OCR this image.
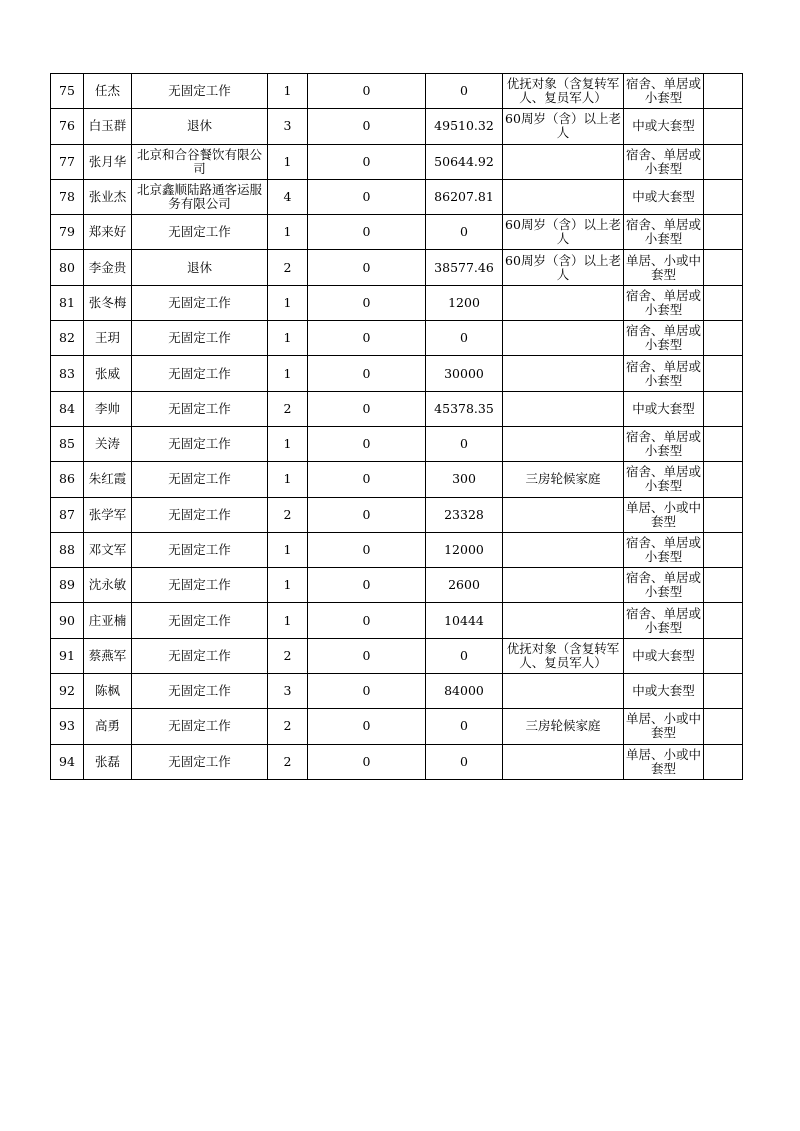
75	任杰	无固定工作	1	0	0	优抚对象（含复转军人、复员军人）	宿舍、单居或小套型	
76	白玉群	退休	3	0	49510.32	60周岁（含）以上老人	中或大套型	
77	张月华	北京和合谷餐饮有限公司	1	0	50644.92		宿舍、单居或小套型	
78	张业杰	北京鑫顺陆路通客运服务有限公司	4	0	86207.81		中或大套型	
79	郑来好	无固定工作	1	0	0	60周岁（含）以上老人	宿舍、单居或小套型	
80	李金贵	退休	2	0	38577.46	60周岁（含）以上老人	单居、小或中套型	
81	张冬梅	无固定工作	1	0	1200		宿舍、单居或小套型	
82	王玥	无固定工作	1	0	0		宿舍、单居或小套型	
83	张威	无固定工作	1	0	30000		宿舍、单居或小套型	
84	李帅	无固定工作	2	0	45378.35		中或大套型	
85	关涛	无固定工作	1	0	0		宿舍、单居或小套型	
86	朱红霞	无固定工作	1	0	300	三房轮候家庭	宿舍、单居或小套型	
87	张学军	无固定工作	2	0	23328		单居、小或中套型	
88	邓文军	无固定工作	1	0	12000		宿舍、单居或小套型	
89	沈永敏	无固定工作	1	0	2600		宿舍、单居或小套型	
90	庄亚楠	无固定工作	1	0	10444		宿舍、单居或小套型	
91	蔡燕军	无固定工作	2	0	0	优抚对象（含复转军人、复员军人）	中或大套型	
92	陈枫	无固定工作	3	0	84000		中或大套型	
93	高勇	无固定工作	2	0	0	三房轮候家庭	单居、小或中套型	
94	张磊	无固定工作	2	0	0		单居、小或中套型	
